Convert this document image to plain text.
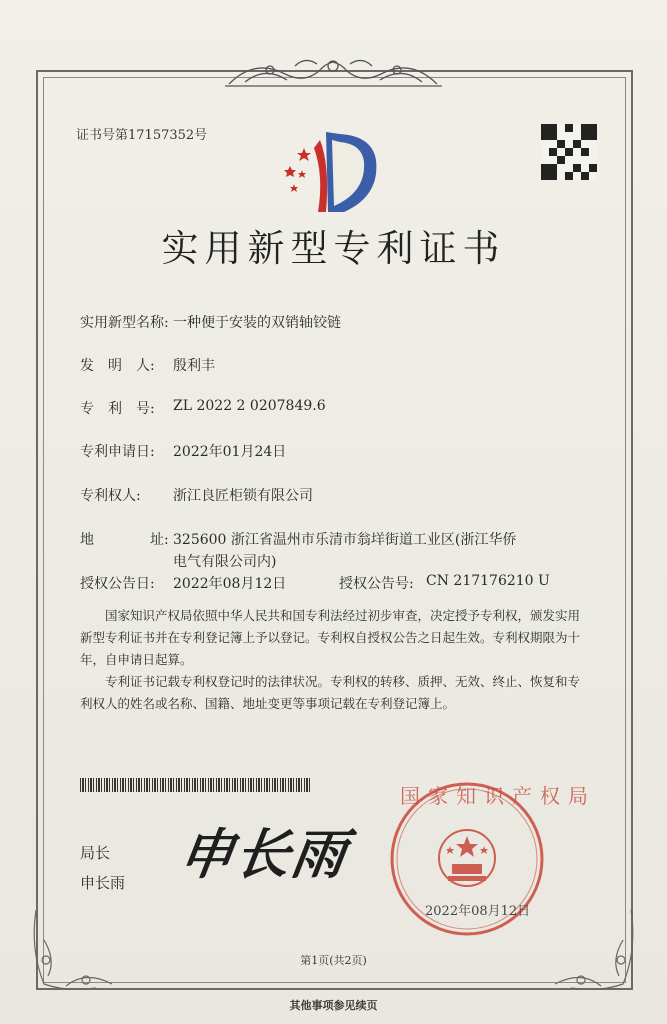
证书号第17157352号
实用新型专利证书
实用新型名称: 一种便于安装的双销轴铰链
发　明　人: 殷利丰
专　利　号: ZL 2022 2 0207849.6
专利申请日: 2022年01月24日
专利权人: 浙江良匠柜锁有限公司
地　　　　址: 325600 浙江省温州市乐清市翁垟街道工业区(浙江华侨
电气有限公司内)
授权公告日: 2022年08月12日	授权公告号: CN 217176210 U
国家知识产权局依照中华人民共和国专利法经过初步审查，决定授予专利权，颁发实用新型专利证书并在专利登记簿上予以登记。专利权自授权公告之日起生效。专利权期限为十年，自申请日起算。
专利证书记载专利权登记时的法律状况。专利权的转移、质押、无效、终止、恢复和专利权人的姓名或名称、国籍、地址变更等事项记载在专利登记簿上。
局长
申长雨 申长雨
国家知识产权局
2022年08月12日
第1页(共2页)
其他事项参见续页
